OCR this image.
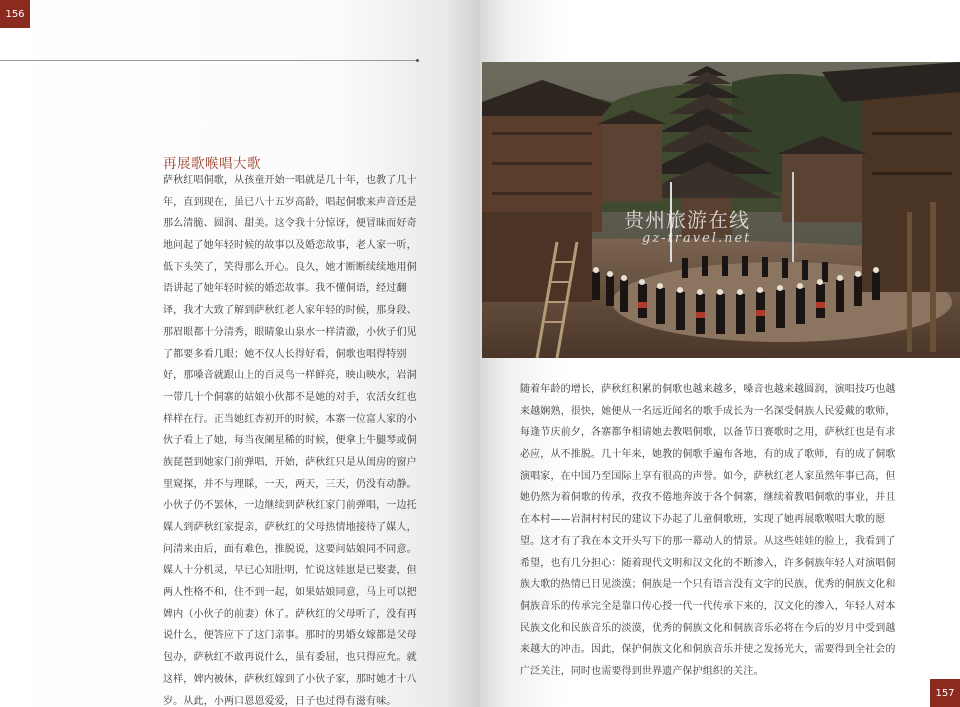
156
再展歌喉唱大歌
萨秋红唱侗歌，从孩童开始一唱就是几十年，也教了几十
年，直到现在，虽已八十五岁高龄，唱起侗歌来声音还是
那么清脆、圆润、甜美。这令我十分惊讶，便冒昧而好奇
地问起了她年轻时候的故事以及婚恋故事，老人家一听，
低下头笑了，笑得那么开心。良久，她才断断续续地用侗
语讲起了她年轻时候的婚恋故事。我不懂侗语，经过翻
译，我才大致了解到萨秋红老人家年轻的时候，那身段、
那眉眼都十分清秀，眼睛象山泉水一样清澈，小伙子们见
了都要多看几眼；她不仅人长得好看，侗歌也唱得特别
好，那嗓音就跟山上的百灵鸟一样鲜亮，映山映水，岩洞
一带几十个侗寨的姑娘小伙都不是她的对手，农活女红也
样样在行。正当她红杏初开的时候，本寨一位富人家的小
伙子看上了她，每当夜阑星稀的时候，便拿上牛腿琴或侗
族琵琶到她家门前弹唱，开始，萨秋红只是从闺房的窗户
里窥探，并不与理睬，一天，两天，三天，仍没有动静。
小伙子仍不罢休，一边继续到萨秋红家门前弹唱，一边托
媒人到萨秋红家提亲，萨秋红的父母热情地接待了媒人，
问清来由后，面有难色，推脱说，这要问姑娘同不同意。
媒人十分机灵，早已心知肚明，忙说这娃崽是已娶妻，但
两人性格不和，住不到一起，如果姑娘同意，马上可以把
婢内（小伙子的前妻）休了。萨秋红的父母听了，没有再
说什么，便答应下了这门亲事。那时的男婚女嫁都是父母
包办，萨秋红不敢再说什么，虽有委屈，也只得应允。就
这样，婢内被休，萨秋红嫁到了小伙子家，那时她才十八
岁。从此，小两口恩恩爱爱，日子也过得有滋有味。
贵州旅游在线
gz-travel.net
随着年龄的增长，萨秋红积累的侗歌也越来越多，嗓音也越来越圆润，演唱技巧也越
来越娴熟，很快，她便从一名远近闻名的歌手成长为一名深受侗族人民爱戴的歌师，
每逢节庆前夕，各寨都争相请她去教唱侗歌，以备节日赛歌时之用，萨秋红也是有求
必应，从不推脱。几十年来，她教的侗歌手遍布各地，有的成了歌师，有的成了侗歌
演唱家，在中国乃至国际上享有很高的声誉。如今，萨秋红老人家虽然年事已高，但
她仍然为着侗歌的传承，孜孜不倦地奔波于各个侗寨，继续着教唱侗歌的事业，并且
在本村——岩洞村村民的建议下办起了儿童侗歌班，实现了她再展歌喉唱大歌的愿
望。这才有了我在本文开头写下的那一幕动人的情景。从这些娃娃的脸上，我看到了
希望，也有几分担心：随着现代文明和汉文化的不断渗入，许多侗族年轻人对演唱侗
族大歌的热情已日见淡漠；侗族是一个只有语言没有文字的民族，优秀的侗族文化和
侗族音乐的传承完全是靠口传心授一代一代传承下来的，汉文化的渗入，年轻人对本
民族文化和民族音乐的淡漠，优秀的侗族文化和侗族音乐必将在今后的岁月中受到越
来越大的冲击。因此，保护侗族文化和侗族音乐并使之发扬光大，需要得到全社会的
广泛关注，同时也需要得到世界遗产保护组织的关注。
157
